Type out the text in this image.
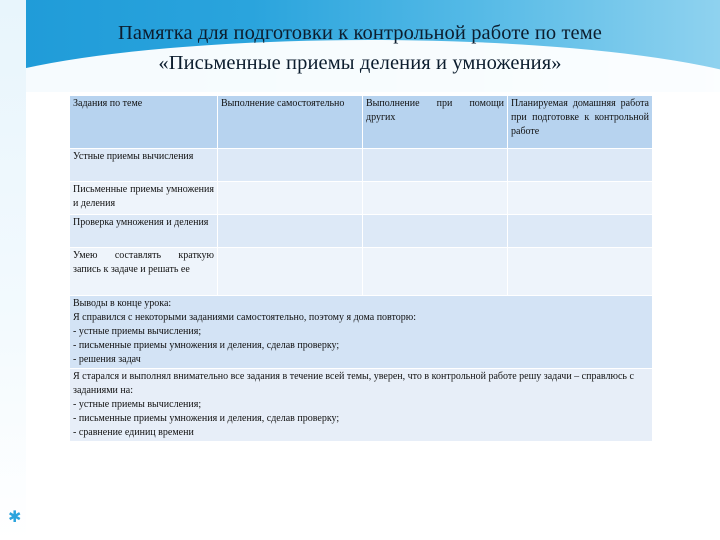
✱
Памятка для подготовки к контрольной работе по теме
«Письменные приемы деления и умножения»
Задания по теме	Выполнение самостоятельно	Выполнение при помощи других	Планируемая домашняя работа при подготовке к контрольной работе
Устные приемы вычисления			
Письменные приемы умножения и деления			
Проверка умножения и деления			
Умею составлять краткую запись к задаче и решать ее			

Выводы в конце урока:
Я справился с некоторыми заданиями самостоятельно, поэтому я дома повторю:
- устные приемы вычисления;
- письменные приемы умножения и деления, сделав проверку;
- решения задач			

Я старался и выполнял внимательно все задания в течение всей темы, уверен, что в контрольной работе решу задачи – справлюсь с заданиями на:
- устные приемы вычисления;
- письменные приемы умножения и деления, сделав проверку;
- сравнение единиц времени			
